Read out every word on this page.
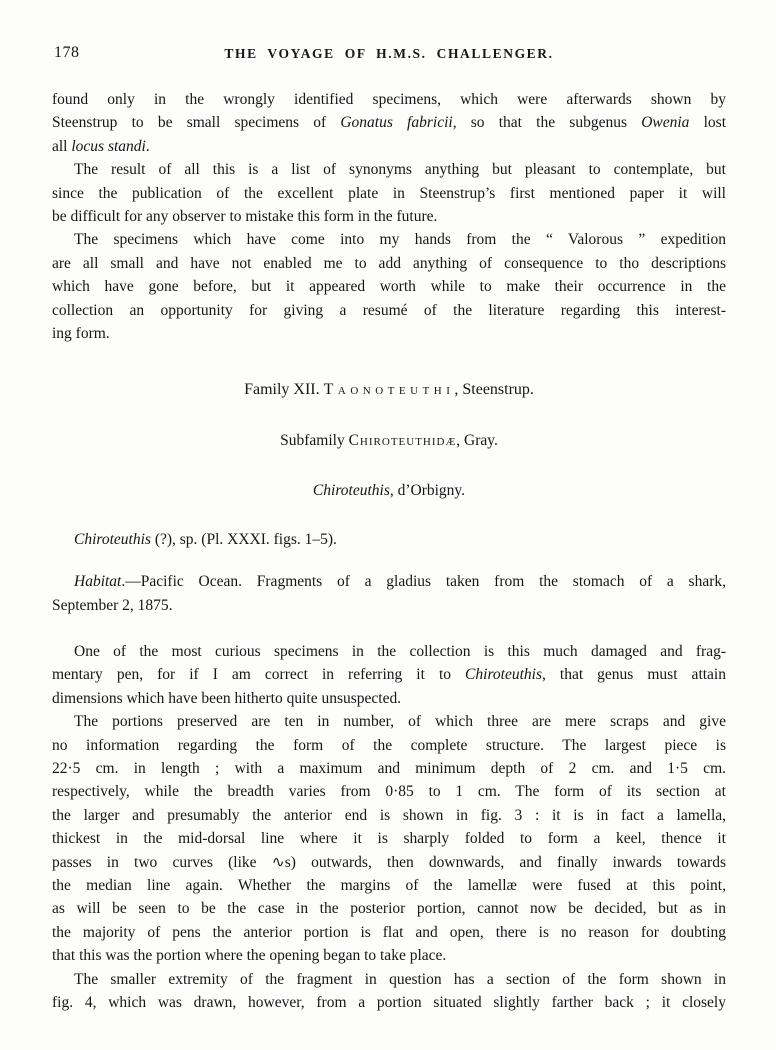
178	THE VOYAGE OF H.M.S. CHALLENGER.
found only in the wrongly identified specimens, which were afterwards shown by
Steenstrup to be small specimens of Gonatus fabricii, so that the subgenus Owenia lost
all locus standi.
The result of all this is a list of synonyms anything but pleasant to contemplate, but
since the publication of the excellent plate in Steenstrup’s first mentioned paper it will
be difficult for any observer to mistake this form in the future.
The specimens which have come into my hands from the “ Valorous ” expedition
are all small and have not enabled me to add anything of consequence to tho descriptions
which have gone before, but it appeared worth while to make their occurrence in the
collection an opportunity for giving a resumé of the literature regarding this interest-
ing form.
Family XII. Taonoteuthi, Steenstrup.
Subfamily Chiroteuthidæ, Gray.
Chiroteuthis, d’Orbigny.
Chiroteuthis (?), sp. (Pl. XXXI. figs. 1–5).
Habitat.—Pacific Ocean. Fragments of a gladius taken from the stomach of a shark,
September 2, 1875.
One of the most curious specimens in the collection is this much damaged and frag-
mentary pen, for if I am correct in referring it to Chiroteuthis, that genus must attain
dimensions which have been hitherto quite unsuspected.
The portions preserved are ten in number, of which three are mere scraps and give
no information regarding the form of the complete structure. The largest piece is
22·5 cm. in length ; with a maximum and minimum depth of 2 cm. and 1·5 cm.
respectively, while the breadth varies from 0·85 to 1 cm. The form of its section at
the larger and presumably the anterior end is shown in fig. 3 : it is in fact a lamella,
thickest in the mid-dorsal line where it is sharply folded to form a keel, thence it
passes in two curves (like ∿ѕ) outwards, then downwards, and finally inwards towards
the median line again. Whether the margins of the lamellæ were fused at this point,
as will be seen to be the case in the posterior portion, cannot now be decided, but as in
the majority of pens the anterior portion is flat and open, there is no reason for doubting
that this was the portion where the opening began to take place.
The smaller extremity of the fragment in question has a section of the form shown in
fig. 4, which was drawn, however, from a portion situated slightly farther back ; it closely
